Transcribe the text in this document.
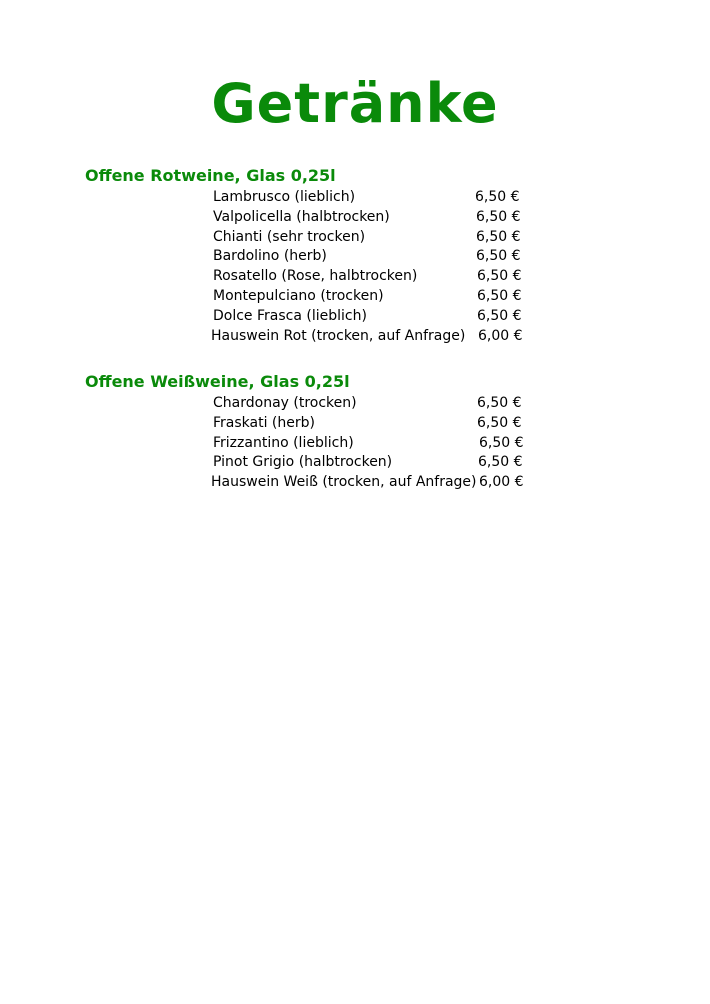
Getränke
Offene Rotweine, Glas 0,25l
Lambrusco (lieblich)	6,50 €
Valpolicella (halbtrocken)	6,50 €
Chianti (sehr trocken)	6,50 €
Bardolino (herb)	6,50 €
Rosatello (Rose, halbtrocken)	6,50 €
Montepulciano (trocken)	6,50 €
Dolce Frasca (lieblich)	6,50 €
Hauswein Rot (trocken, auf Anfrage) 6,00 €
Offene Weißweine, Glas 0,25l
Chardonay (trocken)	6,50 €
Fraskati (herb)	6,50 €
Frizzantino (lieblich)	6,50 €
Pinot Grigio (halbtrocken)	6,50 €
Hauswein Weiß (trocken, auf Anfrage) 6,00 €
